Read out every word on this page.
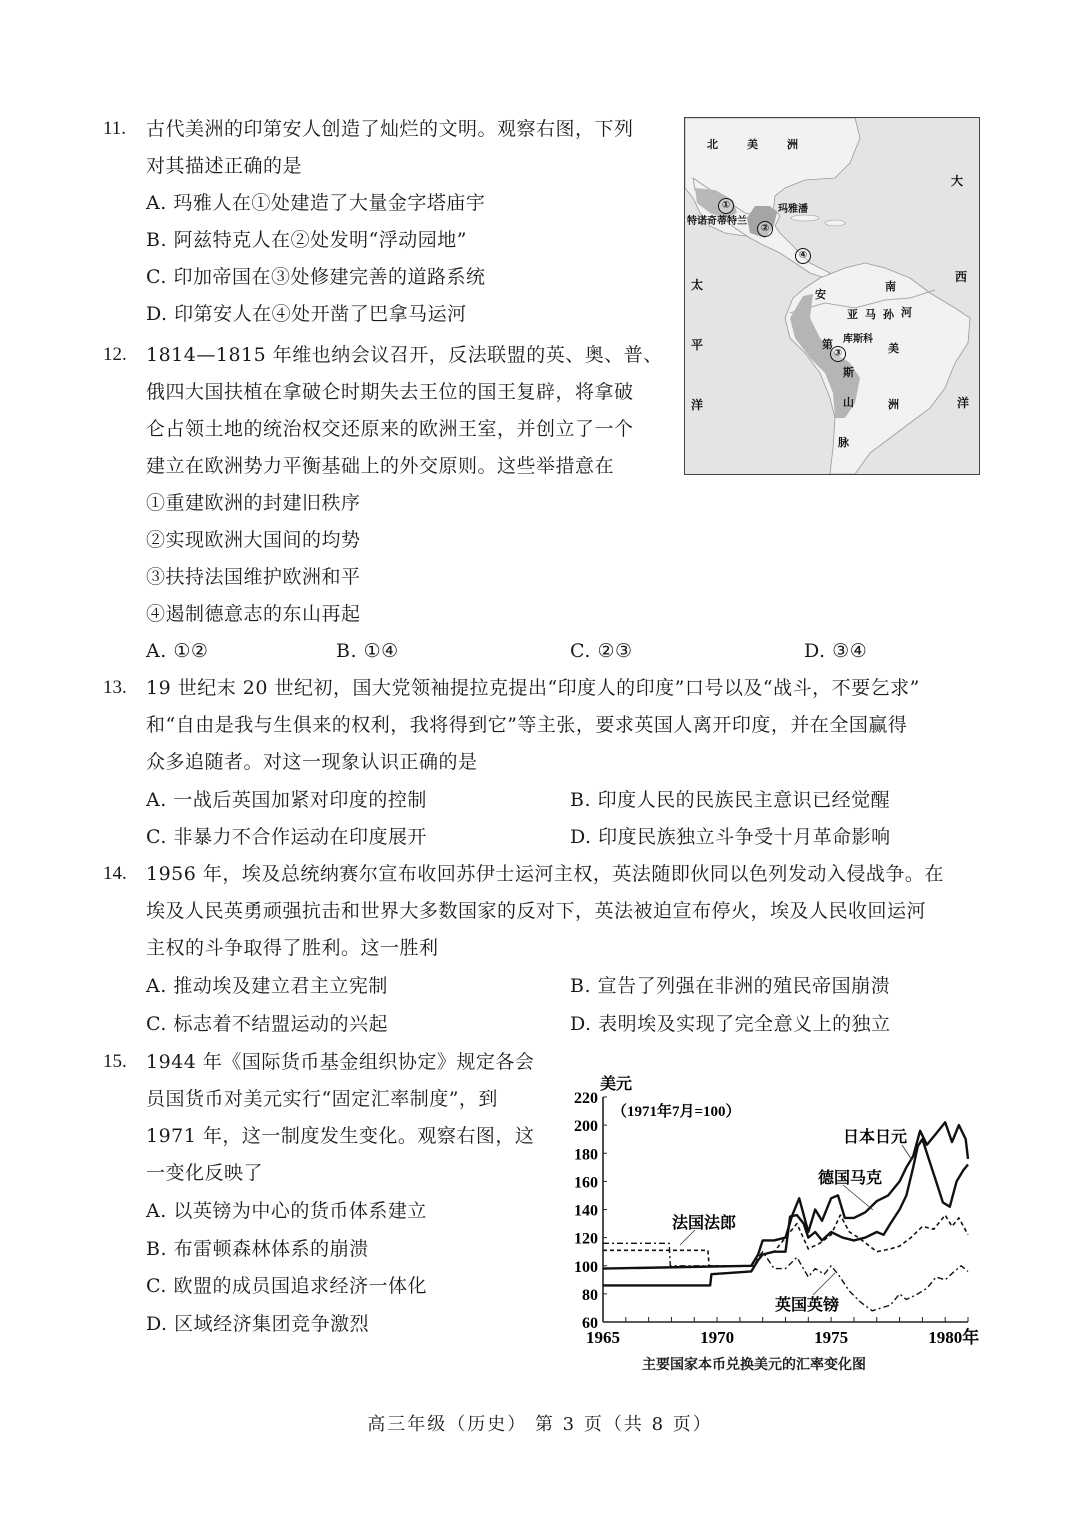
11. 古代美洲的印第安人创造了灿烂的文明。观察右图，下列
对其描述正确的是
A. 玛雅人在①处建造了大量金字塔庙宇
B. 阿兹特克人在②处发明“浮动园地”
C. 印加帝国在③处修建完善的道路系统
D. 印第安人在④处开凿了巴拿马运河
北	美	洲
大
西
洋
太
平
洋
南
美
洲
亚 马 孙 河
安
第
斯
山
脉
特诺奇蒂特兰
玛雅潘
库斯科
①
②
③
④
12. 1814—1815 年维也纳会议召开，反法联盟的英、奥、普、
俄四大国扶植在拿破仑时期失去王位的国王复辟，将拿破
仑占领土地的统治权交还原来的欧洲王室，并创立了一个
建立在欧洲势力平衡基础上的外交原则。这些举措意在
①重建欧洲的封建旧秩序
②实现欧洲大国间的均势
③扶持法国维护欧洲和平
④遏制德意志的东山再起
A. ①②	B. ①④	C. ②③	D. ③④
13. 19 世纪末 20 世纪初，国大党领袖提拉克提出“印度人的印度”口号以及“战斗，不要乞求”
和“自由是我与生俱来的权利，我将得到它”等主张，要求英国人离开印度，并在全国赢得
众多追随者。对这一现象认识正确的是
A. 一战后英国加紧对印度的控制	B. 印度人民的民族民主意识已经觉醒
C. 非暴力不合作运动在印度展开	D. 印度民族独立斗争受十月革命影响
14. 1956 年，埃及总统纳赛尔宣布收回苏伊士运河主权，英法随即伙同以色列发动入侵战争。在
埃及人民英勇顽强抗击和世界大多数国家的反对下，英法被迫宣布停火，埃及人民收回运河
主权的斗争取得了胜利。这一胜利
A. 推动埃及建立君主立宪制	B. 宣告了列强在非洲的殖民帝国崩溃
C. 标志着不结盟运动的兴起	D. 表明埃及实现了完全意义上的独立
15. 1944 年《国际货币基金组织协定》规定各会
员国货币对美元实行“固定汇率制度”，到
1971 年，这一制度发生变化。观察右图，这
一变化反映了
A. 以英镑为中心的货币体系建立
B. 布雷顿森林体系的崩溃
C. 欧盟的成员国追求经济一体化
D. 区域经济集团竞争激烈
美元
（1971年7月=100）
60
80
100
120
140
160
180
200
220
1965	1970	1975	1980年
日本日元
德国马克
法国法郎
英国英镑
主要国家本币兑换美元的汇率变化图
高三年级（历史） 第 3 页（共 8 页）
